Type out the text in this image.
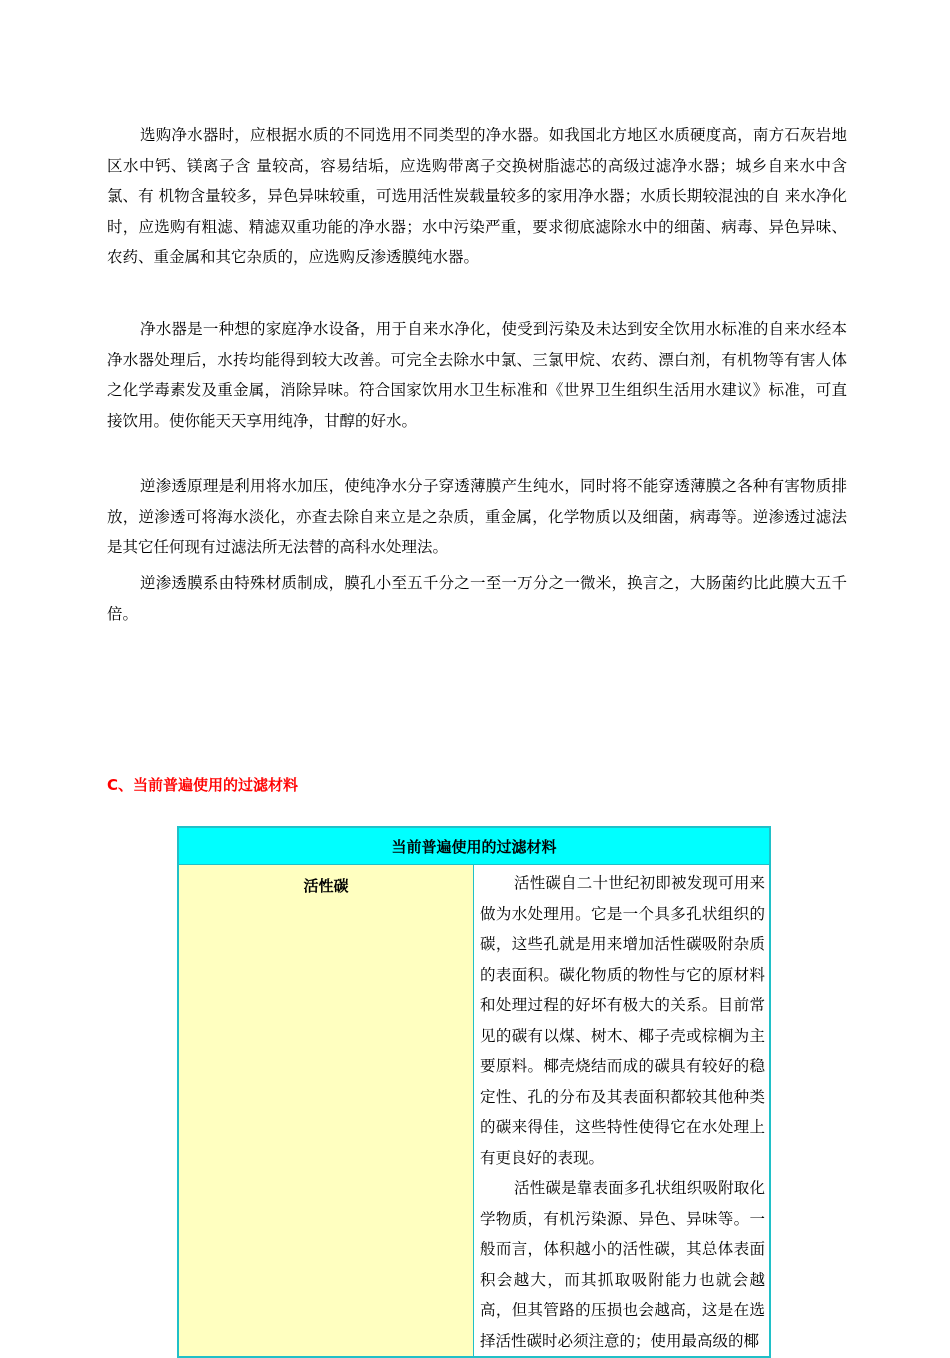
选购净水器时，应根据水质的不同选用不同类型的净水器。如我国北方地区水质硬度高，南方石灰岩地区水中钙、镁离子含 量较高，容易结垢，应选购带离子交换树脂滤芯的高级过滤净水器；城乡自来水中含氯、有 机物含量较多，异色异味较重，可选用活性炭载量较多的家用净水器；水质长期较混浊的自 来水净化时，应选购有粗滤、精滤双重功能的净水器；水中污染严重，要求彻底滤除水中的细菌、病毒、异色异味、农药、重金属和其它杂质的，应选购反渗透膜纯水器。

净水器是一种想的家庭净水设备，用于自来水净化，使受到污染及未达到安全饮用水标准的自来水经本净水器处理后，水抟均能得到较大改善。可完全去除水中氯、三氯甲烷、农药、漂白剂，有机物等有害人体之化学毒素发及重金属，消除异味。符合国家饮用水卫生标准和《世界卫生组织生活用水建议》标准，可直接饮用。使你能天天享用纯净，甘醇的好水。

逆渗透原理是利用将水加压，使纯净水分子穿透薄膜产生纯水，同时将不能穿透薄膜之各种有害物质排放，逆渗透可将海水淡化，亦查去除自来立是之杂质，重金属，化学物质以及细菌，病毒等。逆渗透过滤法是其它任何现有过滤法所无法替的高科水处理法。

逆渗透膜系由特殊材质制成，膜孔小至五千分之一至一万分之一微米，换言之，大肠菌约比此膜大五千倍。

C、当前普遍使用的过滤材料
当前普遍使用的过滤材料
活性碳	活性碳自二十世纪初即被发现可用来做为水处理用。它是一个具多孔状组织的碳，这些孔就是用来增加活性碳吸附杂质的表面积。碳化物质的物性与它的原材料和处理过程的好坏有极大的关系。目前常见的碳有以煤、树木、椰子壳或棕榈为主要原料。椰壳烧结而成的碳具有较好的稳定性、孔的分布及其表面积都较其他种类的碳来得佳，这些特性使得它在水处理上有更良好的表现。

活性碳是靠表面多孔状组织吸附取化学物质，有机污染源、异色、异味等。一般而言，体积越小的活性碳，其总体表面积会越大，而其抓取吸附能力也就会越高，但其管路的压损也会越高，这是在选择活性碳时必须注意的；使用最高级的椰
